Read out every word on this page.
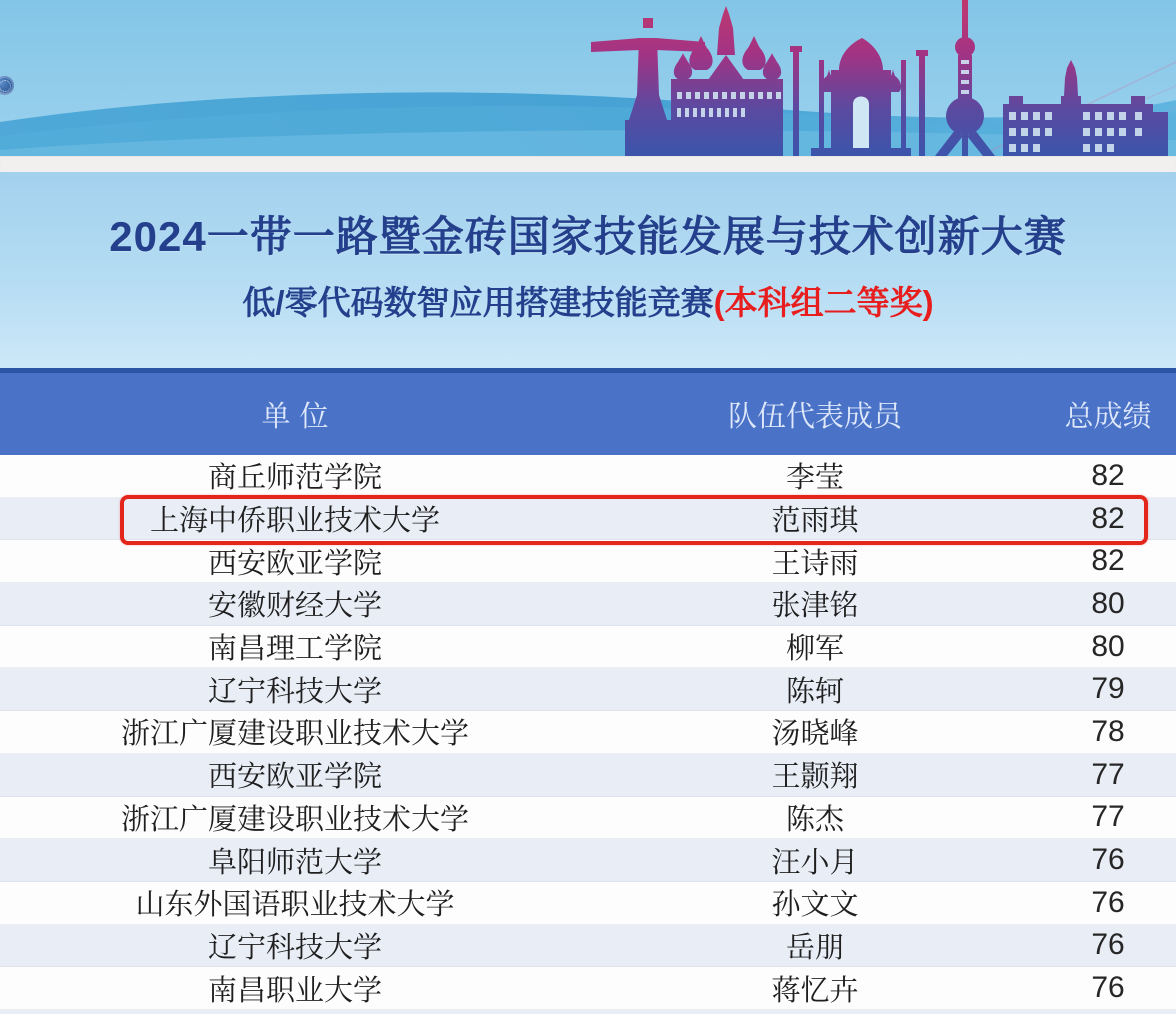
2024一带一路暨金砖国家技能发展与技术创新大赛
低/零代码数智应用搭建技能竞赛(本科组二等奖)
单位	队伍代表成员	总成绩
商丘师范学院	李莹	82
上海中侨职业技术大学	范雨琪	82
西安欧亚学院	王诗雨	82
安徽财经大学	张津铭	80
南昌理工学院	柳军	80
辽宁科技大学	陈轲	79
浙江广厦建设职业技术大学	汤晓峰	78
西安欧亚学院	王颢翔	77
浙江广厦建设职业技术大学	陈杰	77
阜阳师范大学	汪小月	76
山东外国语职业技术大学	孙文文	76
辽宁科技大学	岳朋	76
南昌职业大学	蒋忆卉	76
